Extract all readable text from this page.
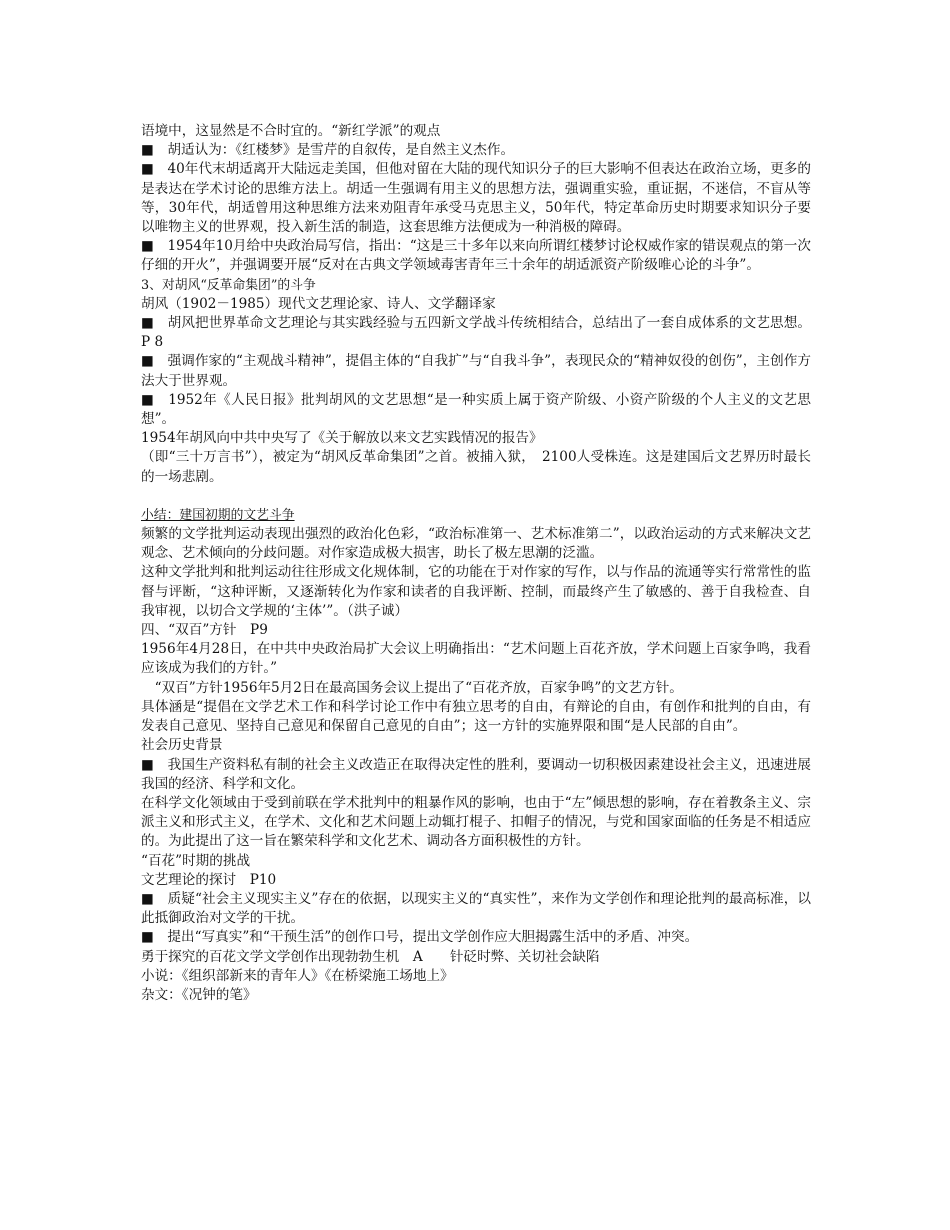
语境中，这显然是不合时宜的。“新红学派”的观点

■　胡适认为：《红楼梦》是雪芹的自叙传，是自然主义杰作。

■　40年代末胡适离开大陆远走美国，但他对留在大陆的现代知识分子的巨大影响不但表达在政治立场，更多的是表达在学术讨论的思维方法上。胡适一生强调有用主义的思想方法，强调重实验，重证据，不迷信，不盲从等等，30年代，胡适曾用这种思维方法来劝阻青年承受马克思主义，50年代，特定革命历史时期要求知识分子要以唯物主义的世界观，投入新生活的制造，这套思维方法便成为一种消极的障碍。

■　1954年10月给中央政治局写信，指出：“这是三十多年以来向所谓红楼梦讨论权威作家的错误观点的第一次仔细的开火”，并强调要开展“反对在古典文学领域毒害青年三十余年的胡适派资产阶级唯心论的斗争”。

3、对胡风“反革命集团”的斗争

胡风（1902－1985）现代文艺理论家、诗人、文学翻译家

■　胡风把世界革命文艺理论与其实践经验与五四新文学战斗传统相结合，总结出了一套自成体系的文艺思想。P 8

■　强调作家的“主观战斗精神”，提倡主体的“自我扩”与“自我斗争”，表现民众的“精神奴役的创伤”，主创作方法大于世界观。

■　1952年《人民日报》批判胡风的文艺思想“是一种实质上属于资产阶级、小资产阶级的个人主义的文艺思想”。

1954年胡风向中共中央写了《关于解放以来文艺实践情况的报告》

（即“三十万言书”），被定为“胡风反革命集团”之首。被捕入狱，　2100人受株连。这是建国后文艺界历时最长的一场悲剧。

小结：建国初期的文艺斗争

频繁的文学批判运动表现出强烈的政治化色彩，“政治标准第一、艺术标准第二”，以政治运动的方式来解决文艺观念、艺术倾向的分歧问题。对作家造成极大损害，助长了极左思潮的泛滥。

这种文学批判和批判运动往往形成文化规体制，它的功能在于对作家的写作，以与作品的流通等实行常常性的监督与评断，“这种评断，又逐渐转化为作家和读者的自我评断、控制，而最终产生了敏感的、善于自我检查、自我审视，以切合文学规的‘主体’”。（洪子诚）

四、“双百”方针　P9

1956年4月28日，在中共中央政治局扩大会议上明确指出：“艺术问题上百花齐放，学术问题上百家争鸣，我看应该成为我们的方针。”

　“双百”方针1956年5月2日在最高国务会议上提出了“百花齐放，百家争鸣”的文艺方针。

具体涵是“提倡在文学艺术工作和科学讨论工作中有独立思考的自由，有辩论的自由，有创作和批判的自由，有发表自己意见、坚持自己意见和保留自己意见的自由”；这一方针的实施界限和围“是人民部的自由”。

社会历史背景

■　我国生产资料私有制的社会主义改造正在取得决定性的胜利，要调动一切积极因素建设社会主义，迅速进展我国的经济、科学和文化。

在科学文化领域由于受到前联在学术批判中的粗暴作风的影响，也由于“左”倾思想的影响，存在着教条主义、宗派主义和形式主义，在学术、文化和艺术问题上动辄打棍子、扣帽子的情况，与党和国家面临的任务是不相适应的。为此提出了这一旨在繁荣科学和文化艺术、调动各方面积极性的方针。

“百花”时期的挑战

文艺理论的探讨　P10

■　质疑“社会主义现实主义”存在的依据，以现实主义的“真实性”，来作为文学创作和理论批判的最高标准，以此抵御政治对文学的干扰。

■　提出“写真实”和“干预生活”的创作口号，提出文学创作应大胆揭露生活中的矛盾、冲突。

勇于探究的百花文学文学创作出现勃勃生机　A　　针砭时弊、关切社会缺陷

小说：《组织部新来的青年人》《在桥梁施工场地上》

杂文：《况钟的笔》
